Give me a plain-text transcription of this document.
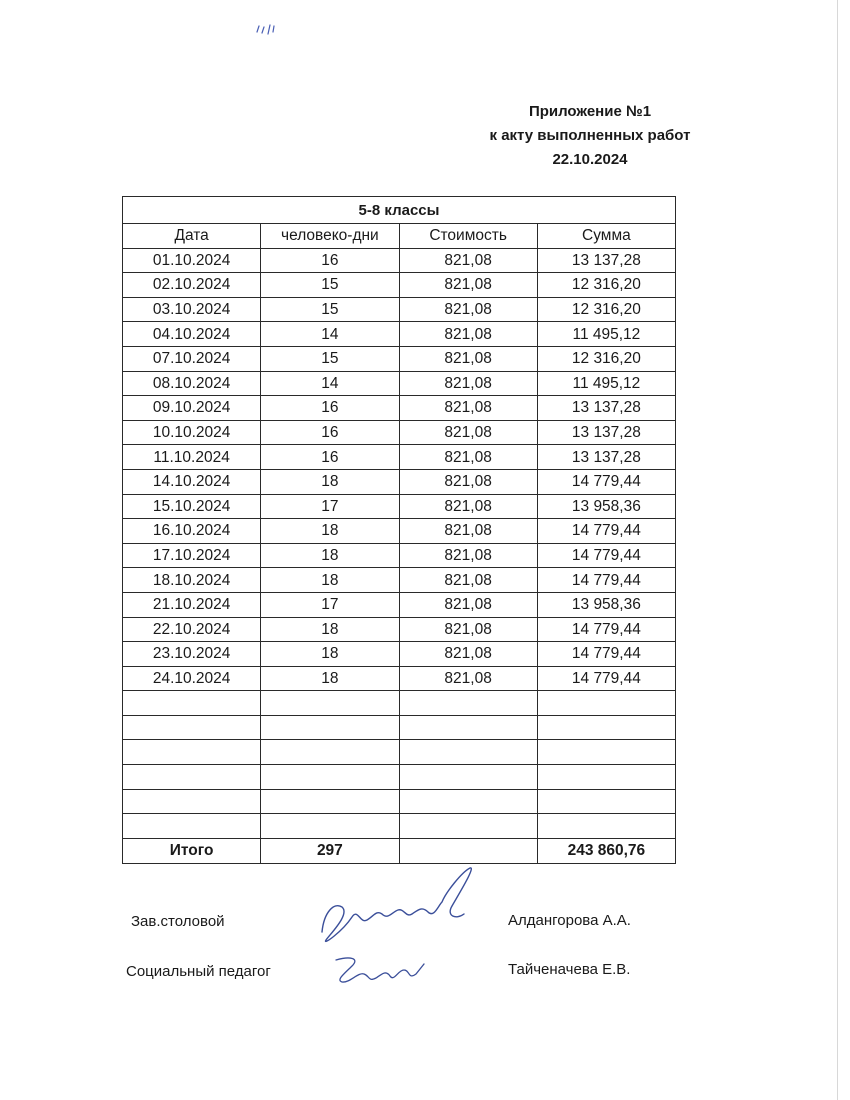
Приложение №1
к акту выполненных работ
22.10.2024
5-8 классы			
Дата	человеко-дни	Стоимость	Сумма
01.10.2024	16	821,08	13 137,28
02.10.2024	15	821,08	12 316,20
03.10.2024	15	821,08	12 316,20
04.10.2024	14	821,08	11 495,12
07.10.2024	15	821,08	12 316,20
08.10.2024	14	821,08	11 495,12
09.10.2024	16	821,08	13 137,28
10.10.2024	16	821,08	13 137,28
11.10.2024	16	821,08	13 137,28
14.10.2024	18	821,08	14 779,44
15.10.2024	17	821,08	13 958,36
16.10.2024	18	821,08	14 779,44
17.10.2024	18	821,08	14 779,44
18.10.2024	18	821,08	14 779,44
21.10.2024	17	821,08	13 958,36
22.10.2024	18	821,08	14 779,44
23.10.2024	18	821,08	14 779,44
24.10.2024	18	821,08	14 779,44

Итого	297		243 860,76
Зав.столовой	Алдангорова А.А.
Социальный педагог	Тайченачева Е.В.
